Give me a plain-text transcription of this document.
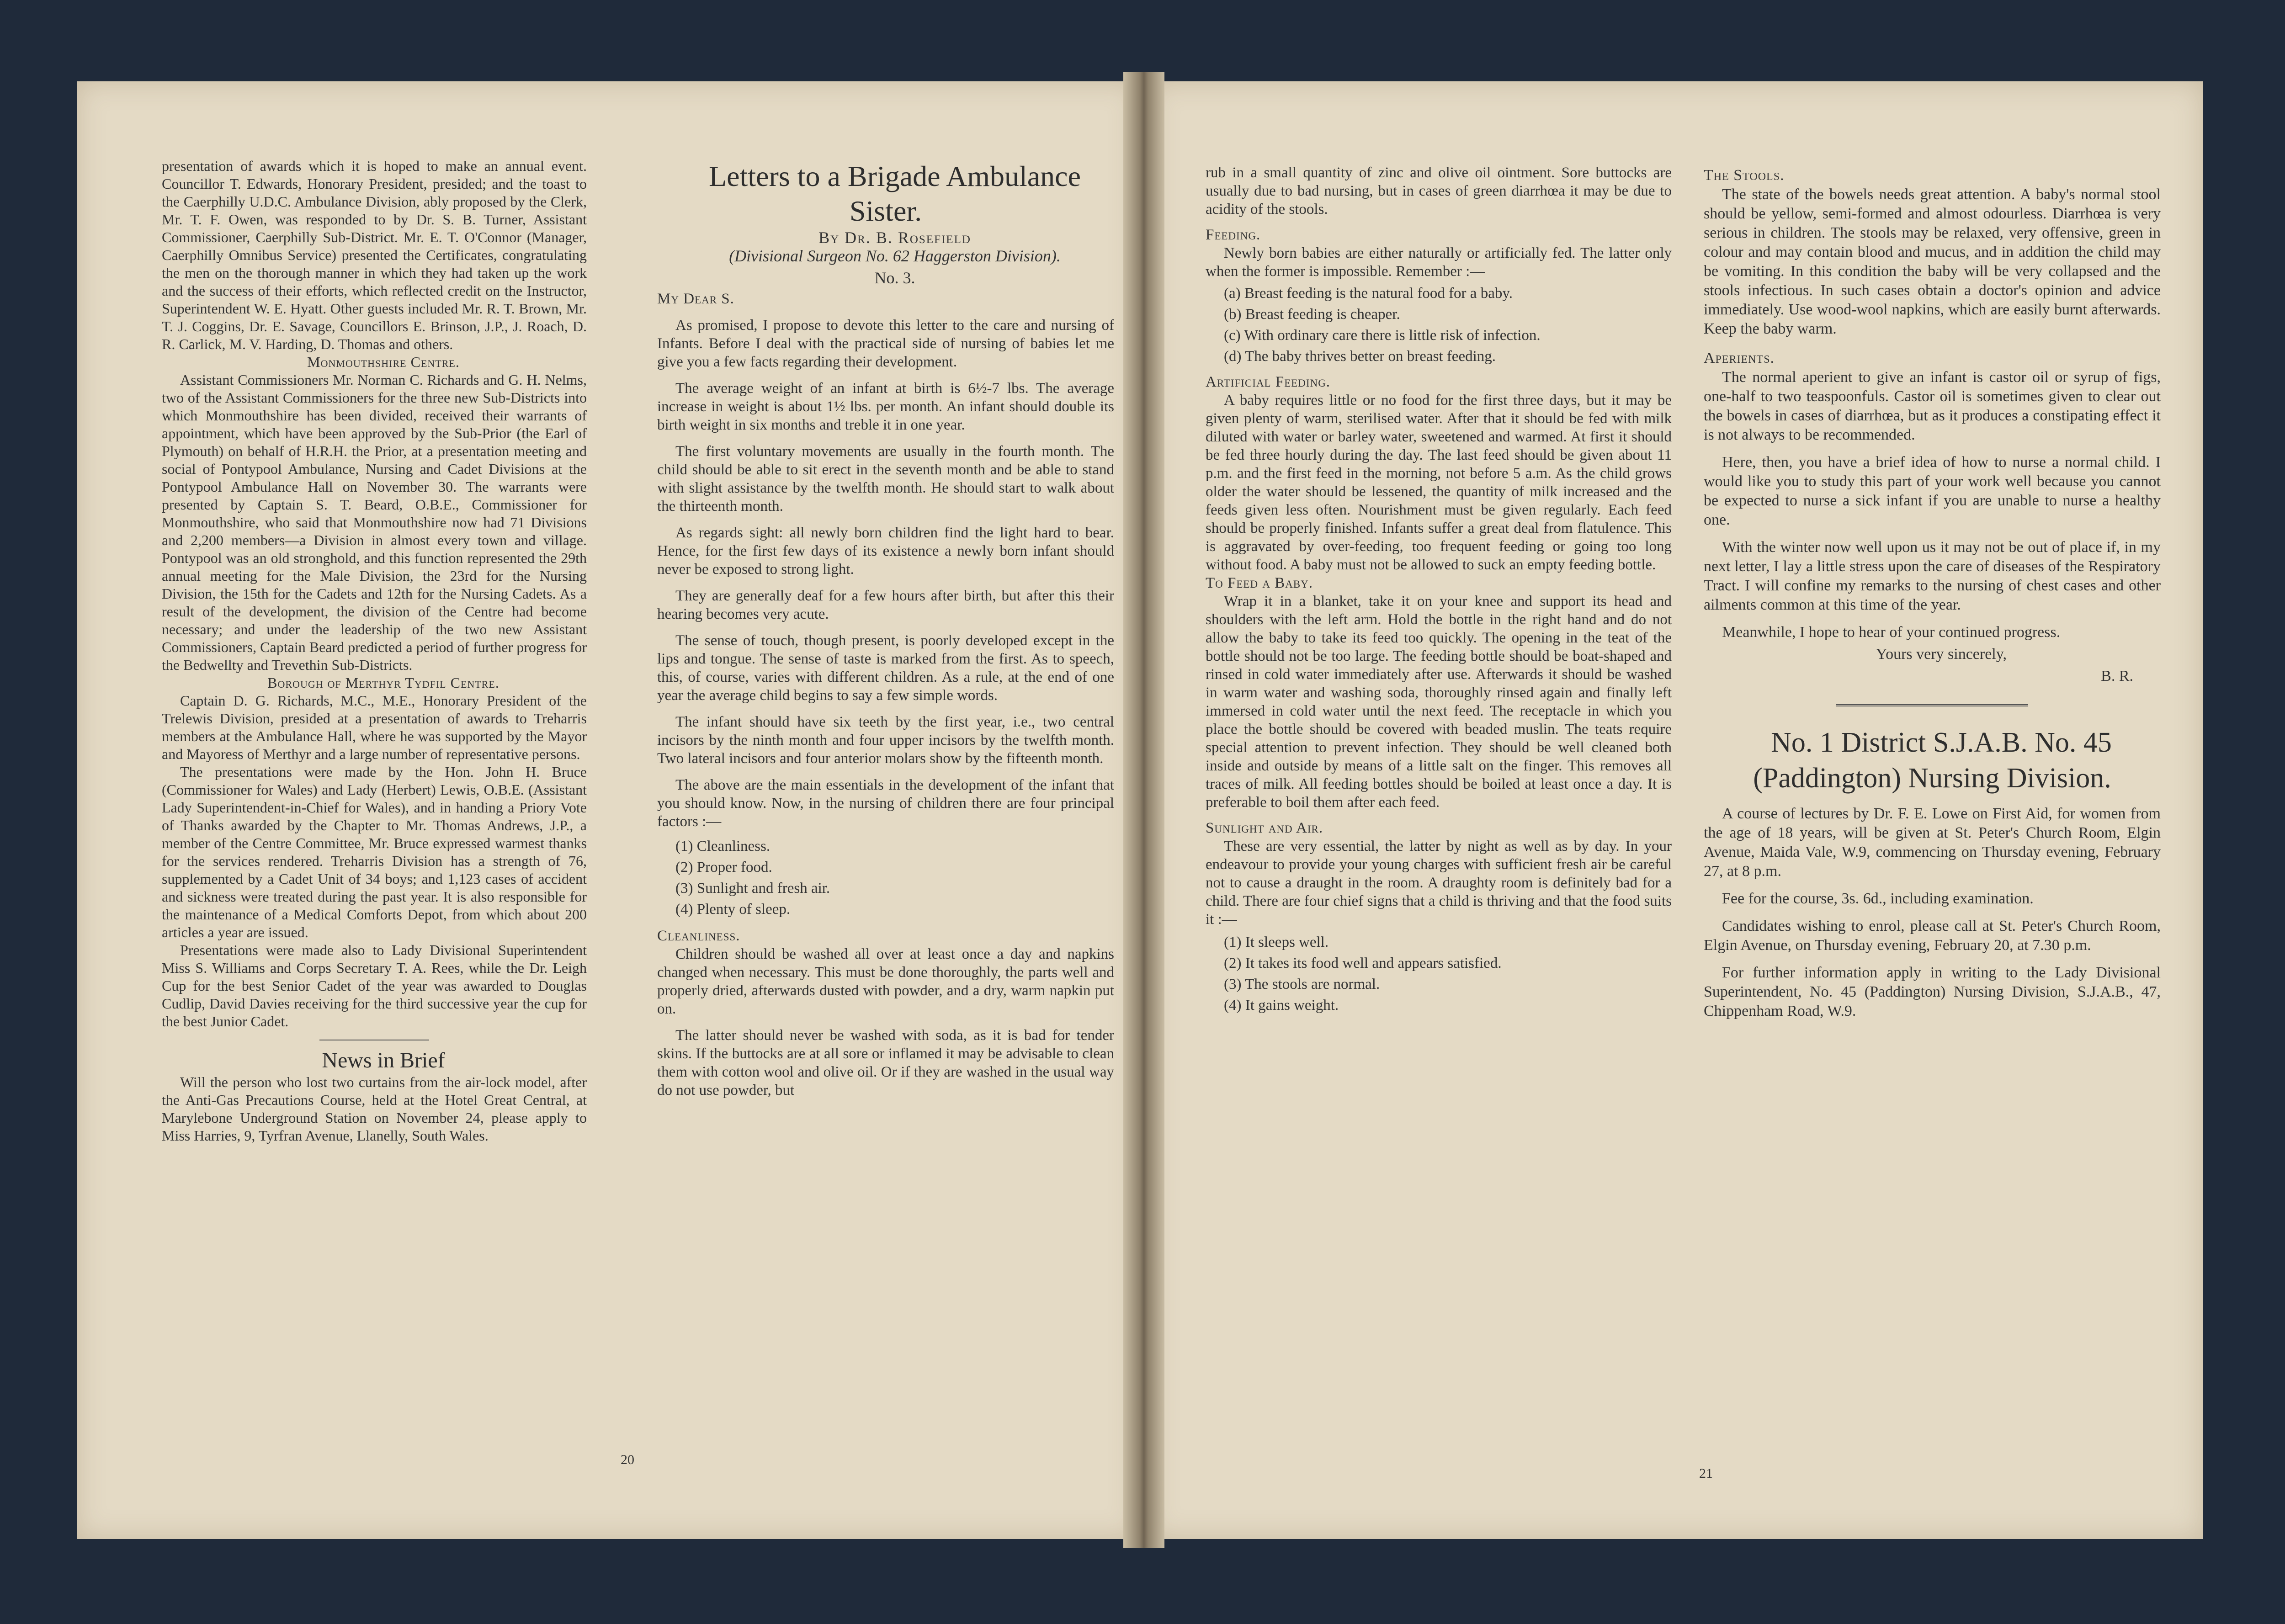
presentation of awards which it is hoped to make an annual event. Councillor T. Edwards, Honorary President, presided; and the toast to the Caerphilly U.D.C. Ambulance Division, ably proposed by the Clerk, Mr. T. F. Owen, was responded to by Dr. S. B. Turner, Assistant Commissioner, Caerphilly Sub-District. Mr. E. T. O'Connor (Manager, Caerphilly Omnibus Service) presented the Certificates, congratulating the men on the thorough manner in which they had taken up the work and the success of their efforts, which reflected credit on the Instructor, Superintendent W. E. Hyatt. Other guests included Mr. R. T. Brown, Mr. T. J. Coggins, Dr. E. Savage, Councillors E. Brinson, J.P., J. Roach, D. R. Carlick, M. V. Harding, D. Thomas and others.

Monmouthshire Centre.

Assistant Commissioners Mr. Norman C. Richards and G. H. Nelms, two of the Assistant Commissioners for the three new Sub-Districts into which Monmouthshire has been divided, received their warrants of appointment, which have been approved by the Sub-Prior (the Earl of Plymouth) on behalf of H.R.H. the Prior, at a presentation meeting and social of Pontypool Ambulance, Nursing and Cadet Divisions at the Pontypool Ambulance Hall on November 30. The warrants were presented by Captain S. T. Beard, O.B.E., Commissioner for Monmouthshire, who said that Monmouthshire now had 71 Divisions and 2,200 members—a Division in almost every town and village. Pontypool was an old stronghold, and this function represented the 29th annual meeting for the Male Division, the 23rd for the Nursing Division, the 15th for the Cadets and 12th for the Nursing Cadets. As a result of the development, the division of the Centre had become necessary; and under the leadership of the two new Assistant Commissioners, Captain Beard predicted a period of further progress for the Bedwellty and Trevethin Sub-Districts.

Borough of Merthyr Tydfil Centre.

Captain D. G. Richards, M.C., M.E., Honorary President of the Trelewis Division, presided at a presentation of awards to Treharris members at the Ambulance Hall, where he was supported by the Mayor and Mayoress of Merthyr and a large number of representative persons.

The presentations were made by the Hon. John H. Bruce (Commissioner for Wales) and Lady (Herbert) Lewis, O.B.E. (Assistant Lady Superintendent-in-Chief for Wales), and in handing a Priory Vote of Thanks awarded by the Chapter to Mr. Thomas Andrews, J.P., a member of the Centre Committee, Mr. Bruce expressed warmest thanks for the services rendered. Treharris Division has a strength of 76, supplemented by a Cadet Unit of 34 boys; and 1,123 cases of accident and sickness were treated during the past year. It is also responsible for the maintenance of a Medical Comforts Depot, from which about 200 articles a year are issued.

Presentations were made also to Lady Divisional Superintendent Miss S. Williams and Corps Secretary T. A. Rees, while the Dr. Leigh Cup for the best Senior Cadet of the year was awarded to Douglas Cudlip, David Davies receiving for the third successive year the cup for the best Junior Cadet.

News in Brief

Will the person who lost two curtains from the air-lock model, after the Anti-Gas Precautions Course, held at the Hotel Great Central, at Marylebone Underground Station on November 24, please apply to Miss Harries, 9, Tyrfran Avenue, Llanelly, South Wales.

Letters to a Brigade Ambulance Sister.

By Dr. B. Rosefield

(Divisional Surgeon No. 62 Haggerston Division).

No. 3.

My Dear S.

As promised, I propose to devote this letter to the care and nursing of Infants. Before I deal with the practical side of nursing of babies let me give you a few facts regarding their development.

The average weight of an infant at birth is 6½-7 lbs. The average increase in weight is about 1½ lbs. per month. An infant should double its birth weight in six months and treble it in one year.

The first voluntary movements are usually in the fourth month. The child should be able to sit erect in the seventh month and be able to stand with slight assistance by the twelfth month. He should start to walk about the thirteenth month.

As regards sight: all newly born children find the light hard to bear. Hence, for the first few days of its existence a newly born infant should never be exposed to strong light.

They are generally deaf for a few hours after birth, but after this their hearing becomes very acute.

The sense of touch, though present, is poorly developed except in the lips and tongue. The sense of taste is marked from the first. As to speech, this, of course, varies with different children. As a rule, at the end of one year the average child begins to say a few simple words.

The infant should have six teeth by the first year, i.e., two central incisors by the ninth month and four upper incisors by the twelfth month. Two lateral incisors and four anterior molars show by the fifteenth month.

The above are the main essentials in the development of the infant that you should know. Now, in the nursing of children there are four principal factors :—

(1) Cleanliness.
(2) Proper food.
(3) Sunlight and fresh air.
(4) Plenty of sleep.

Cleanliness.

Children should be washed all over at least once a day and napkins changed when necessary. This must be done thoroughly, the parts well and properly dried, afterwards dusted with powder, and a dry, warm napkin put on.

The latter should never be washed with soda, as it is bad for tender skins. If the buttocks are at all sore or inflamed it may be advisable to clean them with cotton wool and olive oil. Or if they are washed in the usual way do not use powder, but

20

rub in a small quantity of zinc and olive oil ointment. Sore buttocks are usually due to bad nursing, but in cases of green diarrhœa it may be due to acidity of the stools.

Feeding.

Newly born babies are either naturally or artificially fed. The latter only when the former is impossible. Remember :—

(a) Breast feeding is the natural food for a baby.
(b) Breast feeding is cheaper.
(c) With ordinary care there is little risk of infection.
(d) The baby thrives better on breast feeding.

Artificial Feeding.

A baby requires little or no food for the first three days, but it may be given plenty of warm, sterilised water. After that it should be fed with milk diluted with water or barley water, sweetened and warmed. At first it should be fed three hourly during the day. The last feed should be given about 11 p.m. and the first feed in the morning, not before 5 a.m. As the child grows older the water should be lessened, the quantity of milk increased and the feeds given less often. Nourishment must be given regularly. Each feed should be properly finished. Infants suffer a great deal from flatulence. This is aggravated by over-feeding, too frequent feeding or going too long without food. A baby must not be allowed to suck an empty feeding bottle.

To Feed a Baby.

Wrap it in a blanket, take it on your knee and support its head and shoulders with the left arm. Hold the bottle in the right hand and do not allow the baby to take its feed too quickly. The opening in the teat of the bottle should not be too large. The feeding bottle should be boat-shaped and rinsed in cold water immediately after use. Afterwards it should be washed in warm water and washing soda, thoroughly rinsed again and finally left immersed in cold water until the next feed. The receptacle in which you place the bottle should be covered with beaded muslin. The teats require special attention to prevent infection. They should be well cleaned both inside and outside by means of a little salt on the finger. This removes all traces of milk. All feeding bottles should be boiled at least once a day. It is preferable to boil them after each feed.

Sunlight and Air.

These are very essential, the latter by night as well as by day. In your endeavour to provide your young charges with sufficient fresh air be careful not to cause a draught in the room. A draughty room is definitely bad for a child. There are four chief signs that a child is thriving and that the food suits it :—

(1) It sleeps well.
(2) It takes its food well and appears satisfied.
(3) The stools are normal.
(4) It gains weight.

The Stools.

The state of the bowels needs great attention. A baby's normal stool should be yellow, semi-formed and almost odourless. Diarrhœa is very serious in children. The stools may be relaxed, very offensive, green in colour and may contain blood and mucus, and in addition the child may be vomiting. In this condition the baby will be very collapsed and the stools infectious. In such cases obtain a doctor's opinion and advice immediately. Use wood-wool napkins, which are easily burnt afterwards. Keep the baby warm.

Aperients.

The normal aperient to give an infant is castor oil or syrup of figs, one-half to two teaspoonfuls. Castor oil is sometimes given to clear out the bowels in cases of diarrhœa, but as it produces a constipating effect it is not always to be recommended.

Here, then, you have a brief idea of how to nurse a normal child. I would like you to study this part of your work well because you cannot be expected to nurse a sick infant if you are unable to nurse a healthy one.

With the winter now well upon us it may not be out of place if, in my next letter, I lay a little stress upon the care of diseases of the Respiratory Tract. I will confine my remarks to the nursing of chest cases and other ailments common at this time of the year.

Meanwhile, I hope to hear of your continued progress.

Yours very sincerely,

B. R.

No. 1 District S.J.A.B. No. 45 (Paddington) Nursing Division.

A course of lectures by Dr. F. E. Lowe on First Aid, for women from the age of 18 years, will be given at St. Peter's Church Room, Elgin Avenue, Maida Vale, W.9, commencing on Thursday evening, February 27, at 8 p.m.

Fee for the course, 3s. 6d., including examination.

Candidates wishing to enrol, please call at St. Peter's Church Room, Elgin Avenue, on Thursday evening, February 20, at 7.30 p.m.

For further information apply in writing to the Lady Divisional Superintendent, No. 45 (Paddington) Nursing Division, S.J.A.B., 47, Chippenham Road, W.9.

21
